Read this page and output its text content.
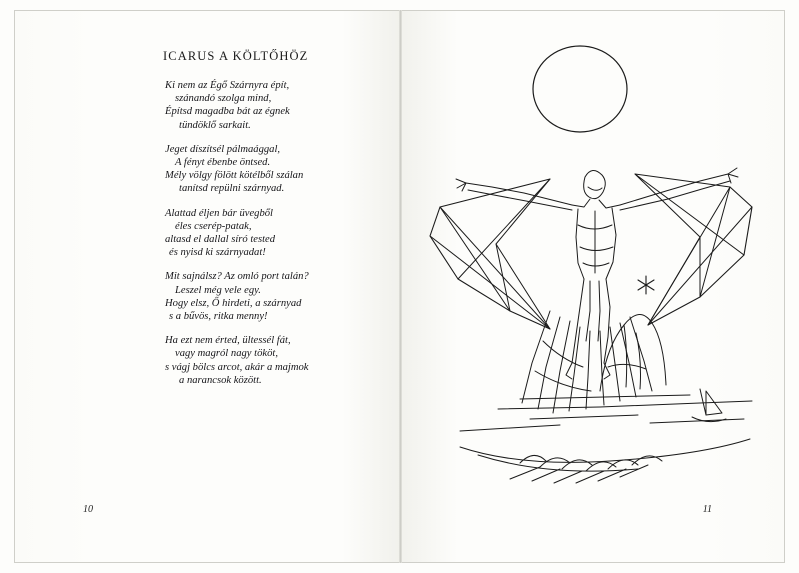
ICARUS A KÖLTŐHÖZ
Ki nem az Égő Szárnyra épít,
szánandó szolga mind,
Építsd magadba bát az égnek
tündöklő sarkait.
Jeget díszítsél pálmaággal,
A fényt ébenbe öntsed.
Mély völgy fölött kötélből szálan
tanítsd repülni szárnyad.
Alattad éljen bár üvegből
éles cserép-patak,
altasd el dallal síró tested
és nyisd ki szárnyadat!
Mit sajnálsz? Az omló port talán?
Leszel még vele egy.
Hogy elsz, Ő hirdeti, a szárnyad
s a bűvös, ritka menny!
Ha ezt nem érted, ültessél fát,
vagy magról nagy tököt,
s vágj bölcs arcot, akár a majmok
a narancsok között.
10	11
